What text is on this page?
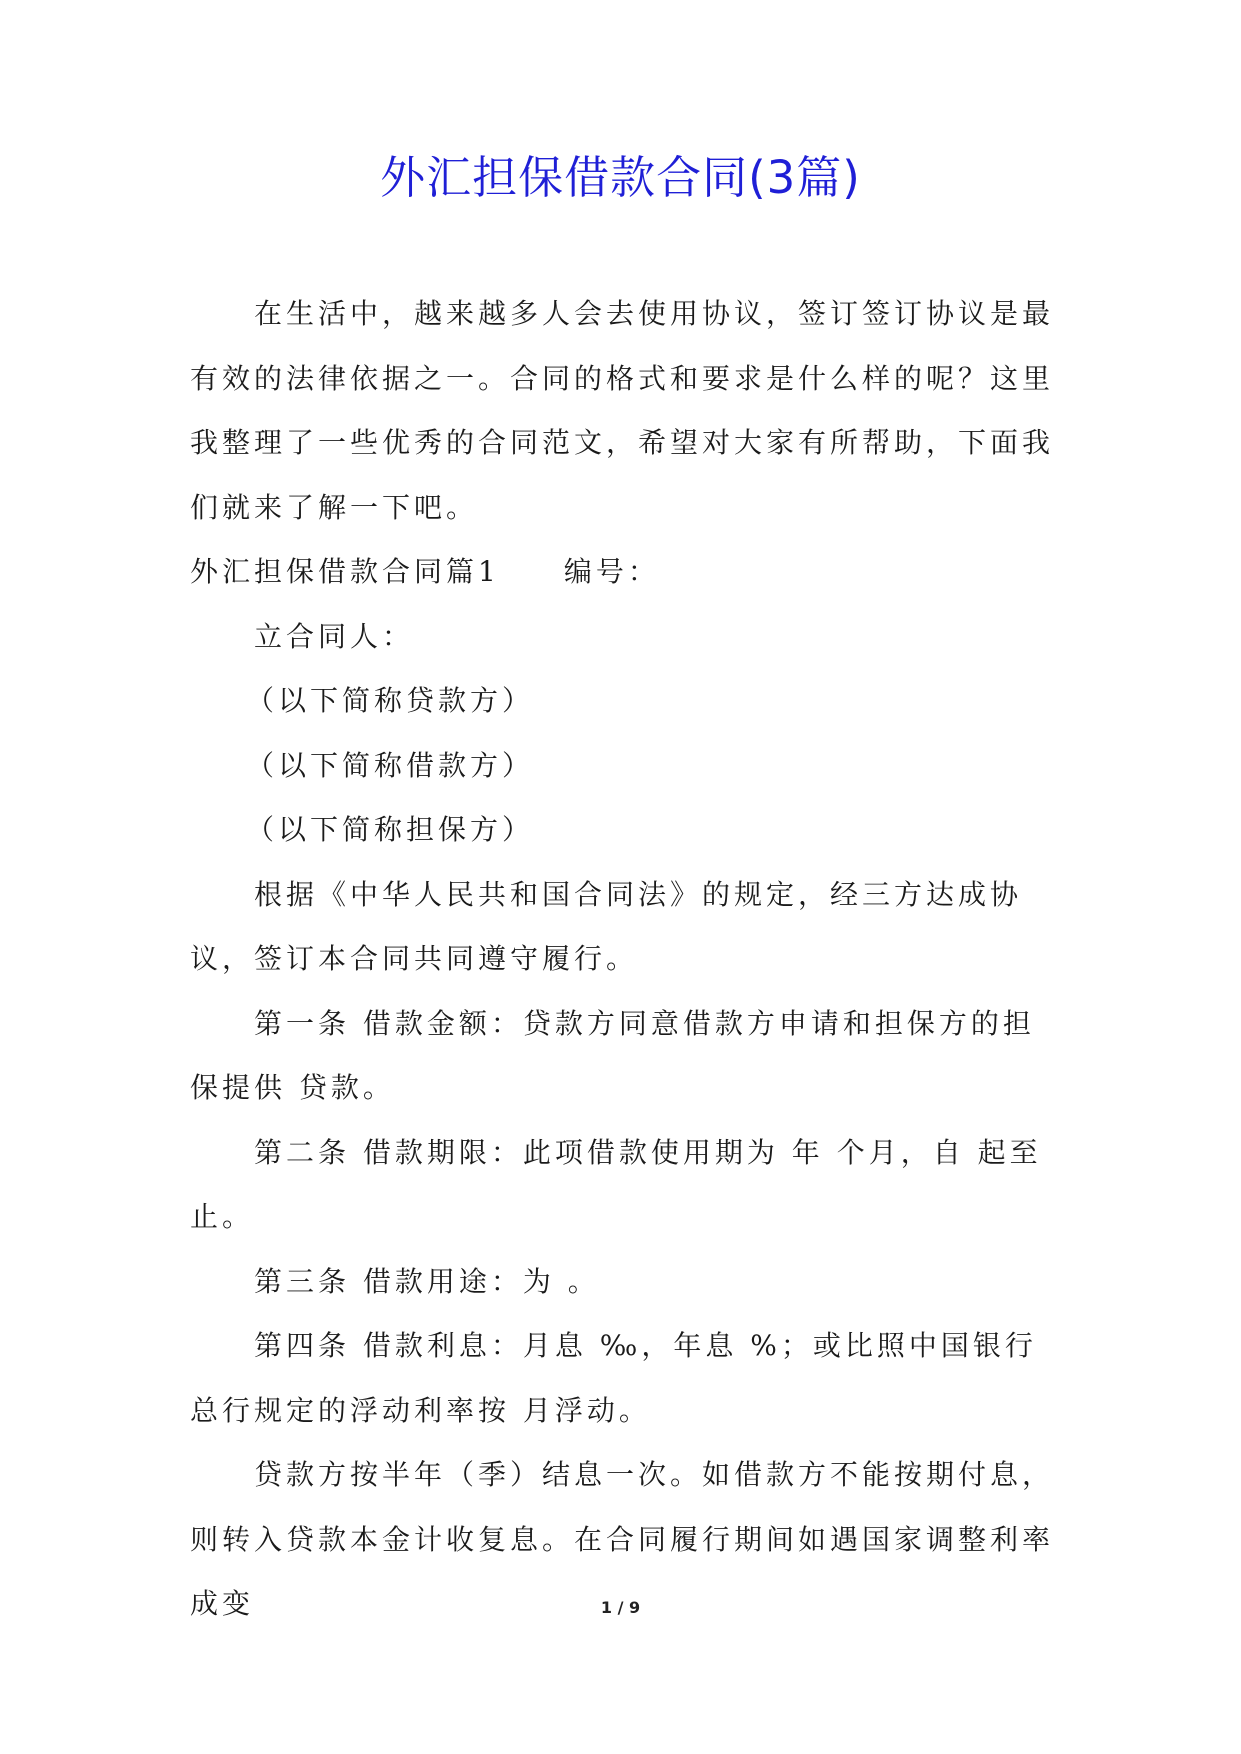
外汇担保借款合同(3篇)

在生活中，越来越多人会去使用协议，签订签订协议是最有效的法律依据之一。合同的格式和要求是什么样的呢？这里我整理了一些优秀的合同范文，希望对大家有所帮助，下面我们就来了解一下吧。

外汇担保借款合同篇1　　编号：

立合同人：

（以下简称贷款方）

（以下简称借款方）

（以下简称担保方）

根据《中华人民共和国合同法》的规定，经三方达成协议，签订本合同共同遵守履行。

第一条 借款金额：贷款方同意借款方申请和担保方的担保提供 贷款。

第二条 借款期限：此项借款使用期为 年 个月，自 起至 止。

第三条 借款用途：为 。

第四条 借款利息：月息 ‰，年息 %；或比照中国银行总行规定的浮动利率按 月浮动。

贷款方按半年（季）结息一次。如借款方不能按期付息，则转入贷款本金计收复息。在合同履行期间如遇国家调整利率成变	1 / 9
